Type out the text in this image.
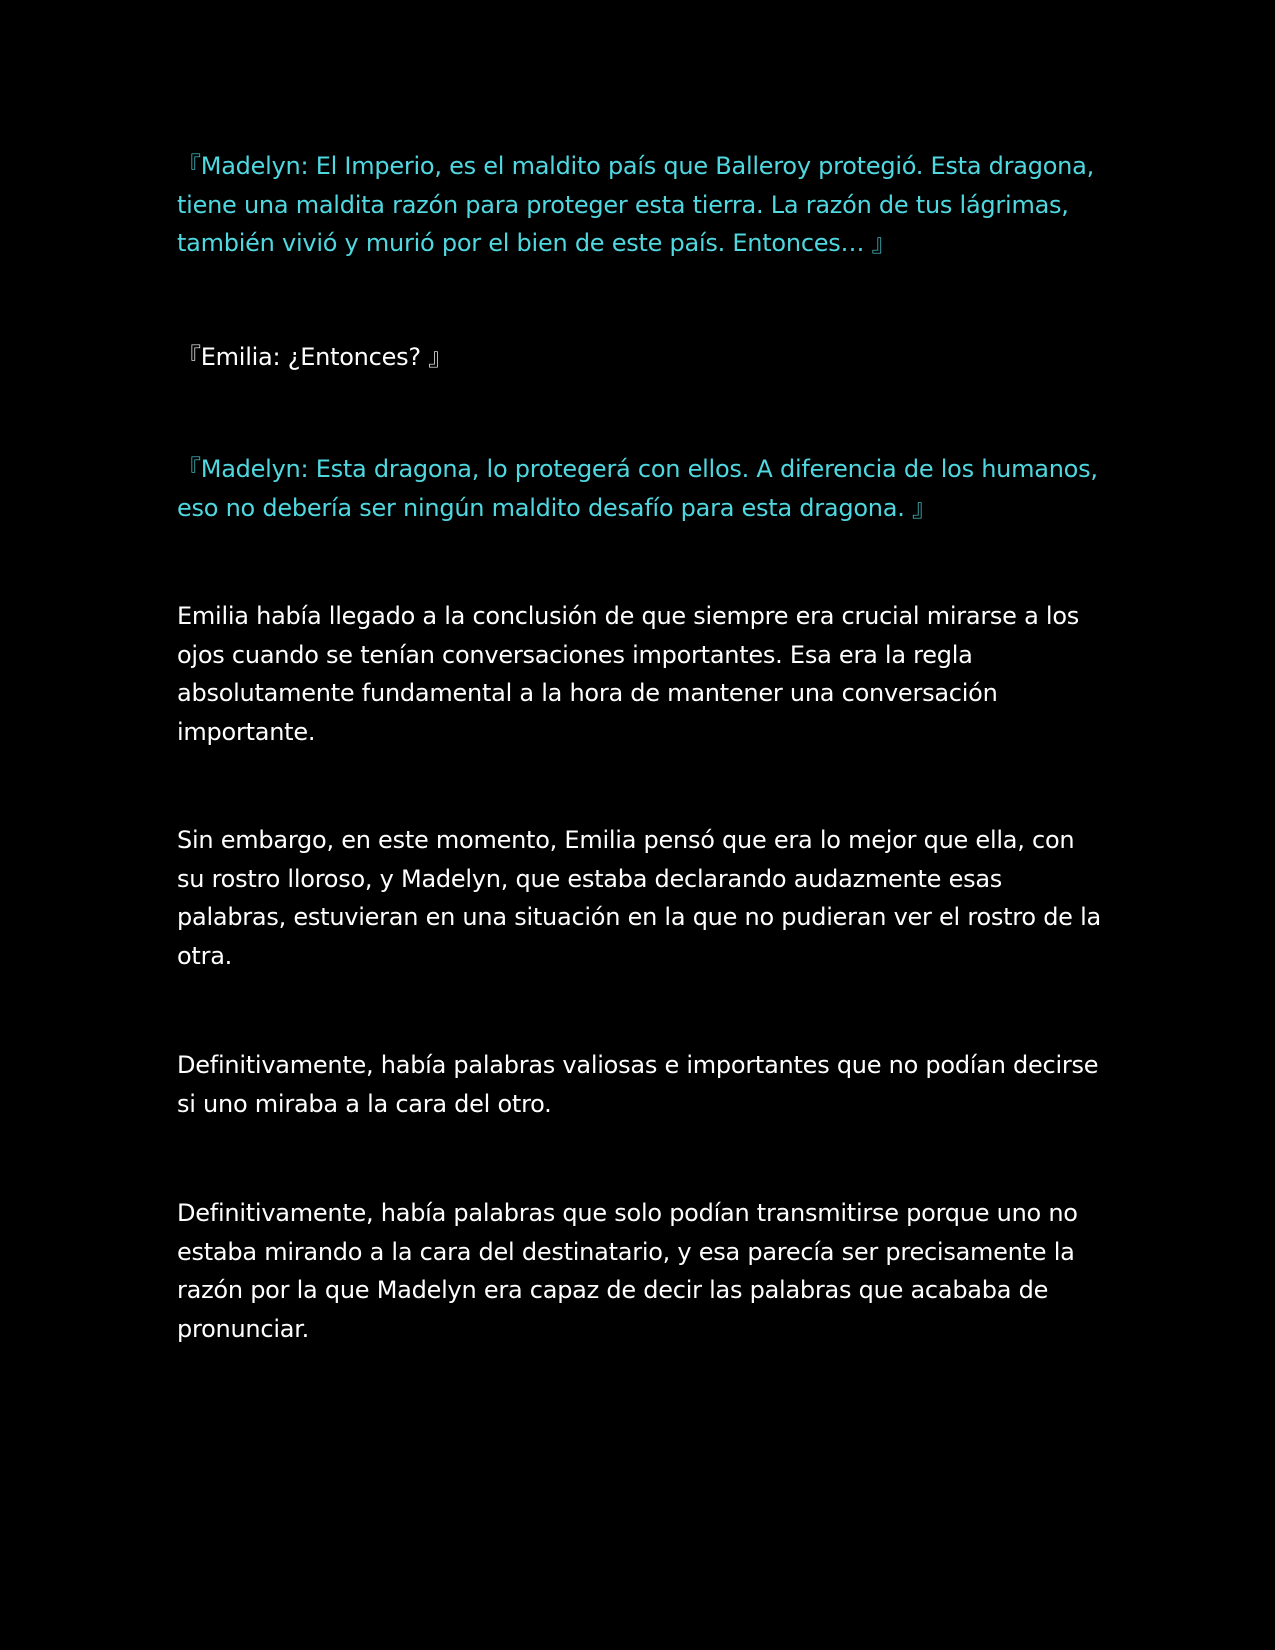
『Madelyn: El Imperio, es el maldito país que Balleroy protegió. Esta dragona, tiene una maldita razón para proteger esta tierra. La razón de tus lágrimas, también vivió y murió por el bien de este país. Entonces… 』

『Emilia: ¿Entonces? 』

『Madelyn: Esta dragona, lo protegerá con ellos. A diferencia de los humanos, eso no debería ser ningún maldito desafío para esta dragona. 』

Emilia había llegado a la conclusión de que siempre era crucial mirarse a los ojos cuando se tenían conversaciones importantes. Esa era la regla absolutamente fundamental a la hora de mantener una conversación importante.

Sin embargo, en este momento, Emilia pensó que era lo mejor que ella, con su rostro lloroso, y Madelyn, que estaba declarando audazmente esas palabras, estuvieran en una situación en la que no pudieran ver el rostro de la otra.

Definitivamente, había palabras valiosas e importantes que no podían decirse si uno miraba a la cara del otro.

Definitivamente, había palabras que solo podían transmitirse porque uno no estaba mirando a la cara del destinatario, y esa parecía ser precisamente la razón por la que Madelyn era capaz de decir las palabras que acababa de pronunciar.
